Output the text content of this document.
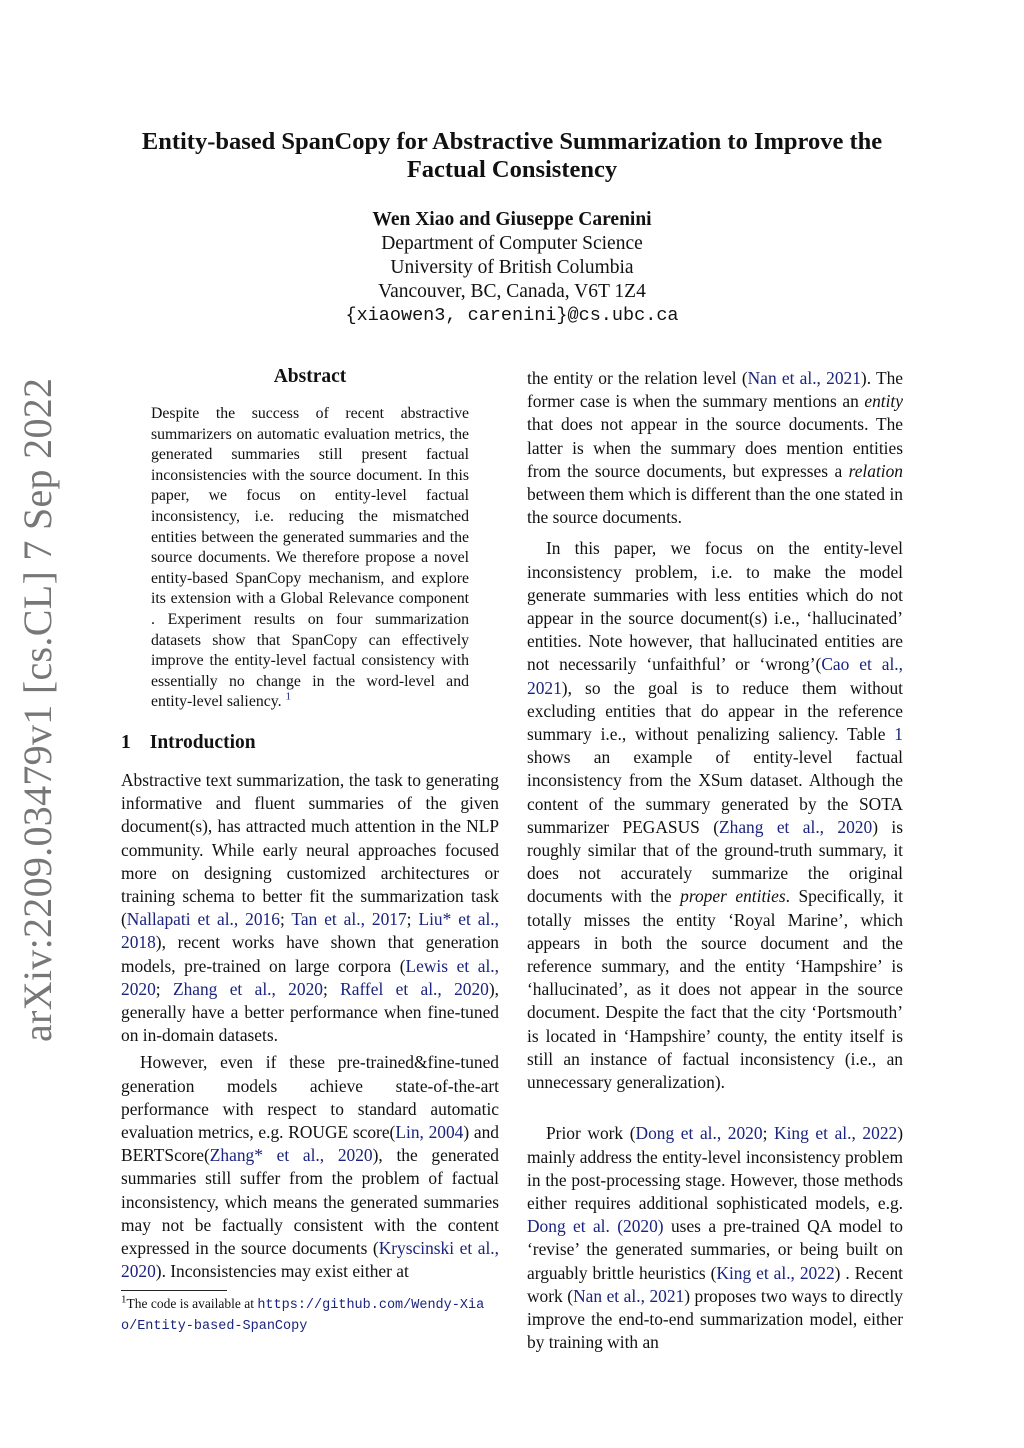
arXiv:2209.03479v1 [cs.CL] 7 Sep 2022
Entity-based SpanCopy for Abstractive Summarization to Improve the
Factual Consistency
Wen Xiao and Giuseppe Carenini
Department of Computer Science
University of British Columbia
Vancouver, BC, Canada, V6T 1Z4
{xiaowen3, carenini}@cs.ubc.ca
Abstract
Despite the success of recent abstractive summarizers on automatic evaluation metrics, the generated summaries still present factual inconsistencies with the source document. In this paper, we focus on entity-level factual inconsistency, i.e. reducing the mismatched entities between the generated summaries and the source documents. We therefore propose a novel entity-based SpanCopy mechanism, and explore its extension with a Global Relevance component . Experiment results on four summarization datasets show that SpanCopy can effectively improve the entity-level factual consistency with essentially no change in the word-level and entity-level saliency. $^1$
1 Introduction

Abstractive text summarization, the task to generating informative and fluent summaries of the given document(s), has attracted much attention in the NLP community. While early neural approaches focused more on designing customized architectures or training schema to better fit the summarization task (Nallapati et al., 2016; Tan et al., 2017; Liu* et al., 2018), recent works have shown that generation models, pre-trained on large corpora (Lewis et al., 2020; Zhang et al., 2020; Raffel et al., 2020), generally have a better performance when fine-tuned on in-domain datasets.

However, even if these pre-trained&fine-tuned generation models achieve state-of-the-art performance with respect to standard automatic evaluation metrics, e.g. ROUGE score(Lin, 2004) and BERTScore(Zhang* et al., 2020), the generated summaries still suffer from the problem of factual inconsistency, which means the generated summaries may not be factually consistent with the content expressed in the source documents (Kryscinski et al., 2020). Inconsistencies may exist either at

$^1$The code is available at https://github.com/Wendy-Xiao/Entity-based-SpanCopy

the entity or the relation level (Nan et al., 2021). The former case is when the summary mentions an entity that does not appear in the source documents. The latter is when the summary does mention entities from the source documents, but expresses a relation between them which is different than the one stated in the source documents.

In this paper, we focus on the entity-level inconsistency problem, i.e. to make the model generate summaries with less entities which do not appear in the source document(s) i.e., ‘hallucinated’ entities. Note however, that hallucinated entities are not necessarily ‘unfaithful’ or ‘wrong’(Cao et al., 2021), so the goal is to reduce them without excluding entities that do appear in the reference summary i.e., without penalizing saliency. Table 1 shows an example of entity-level factual inconsistency from the XSum dataset. Although the content of the summary generated by the SOTA summarizer PEGASUS (Zhang et al., 2020) is roughly similar that of the ground-truth summary, it does not accurately summarize the original documents with the proper entities. Specifically, it totally misses the entity ‘Royal Marine’, which appears in both the source document and the reference summary, and the entity ‘Hampshire’ is ‘hallucinated’, as it does not appear in the source document. Despite the fact that the city ‘Portsmouth’ is located in ‘Hampshire’ county, the entity itself is still an instance of factual inconsistency (i.e., an unnecessary generalization).

Prior work (Dong et al., 2020; King et al., 2022) mainly address the entity-level inconsistency problem in the post-processing stage. However, those methods either requires additional sophisticated models, e.g. Dong et al. (2020) uses a pre-trained QA model to ‘revise’ the generated summaries, or being built on arguably brittle heuristics (King et al., 2022) . Recent work (Nan et al., 2021) proposes two ways to directly improve the end-to-end summarization model, either by training with an
